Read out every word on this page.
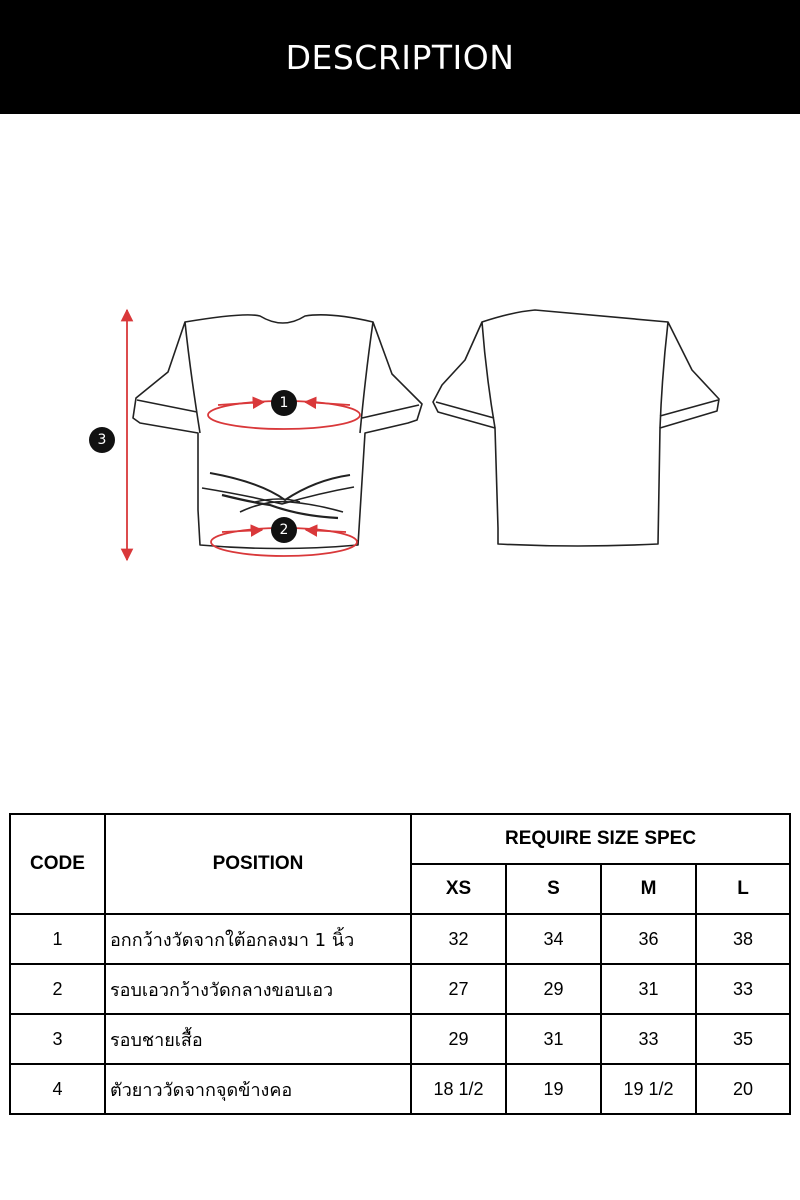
DESCRIPTION
1
2
3
CODE	POSITION	REQUIRE SIZE SPEC			
		XS	S	M	L
1	อกกว้างวัดจากใต้อกลงมา 1 นิ้ว	32	34	36	38
2	รอบเอวกว้างวัดกลางขอบเอว	27	29	31	33
3	รอบชายเสื้อ	29	31	33	35
4	ตัวยาววัดจากจุดข้างคอ	18 1/2	19	19 1/2	20
